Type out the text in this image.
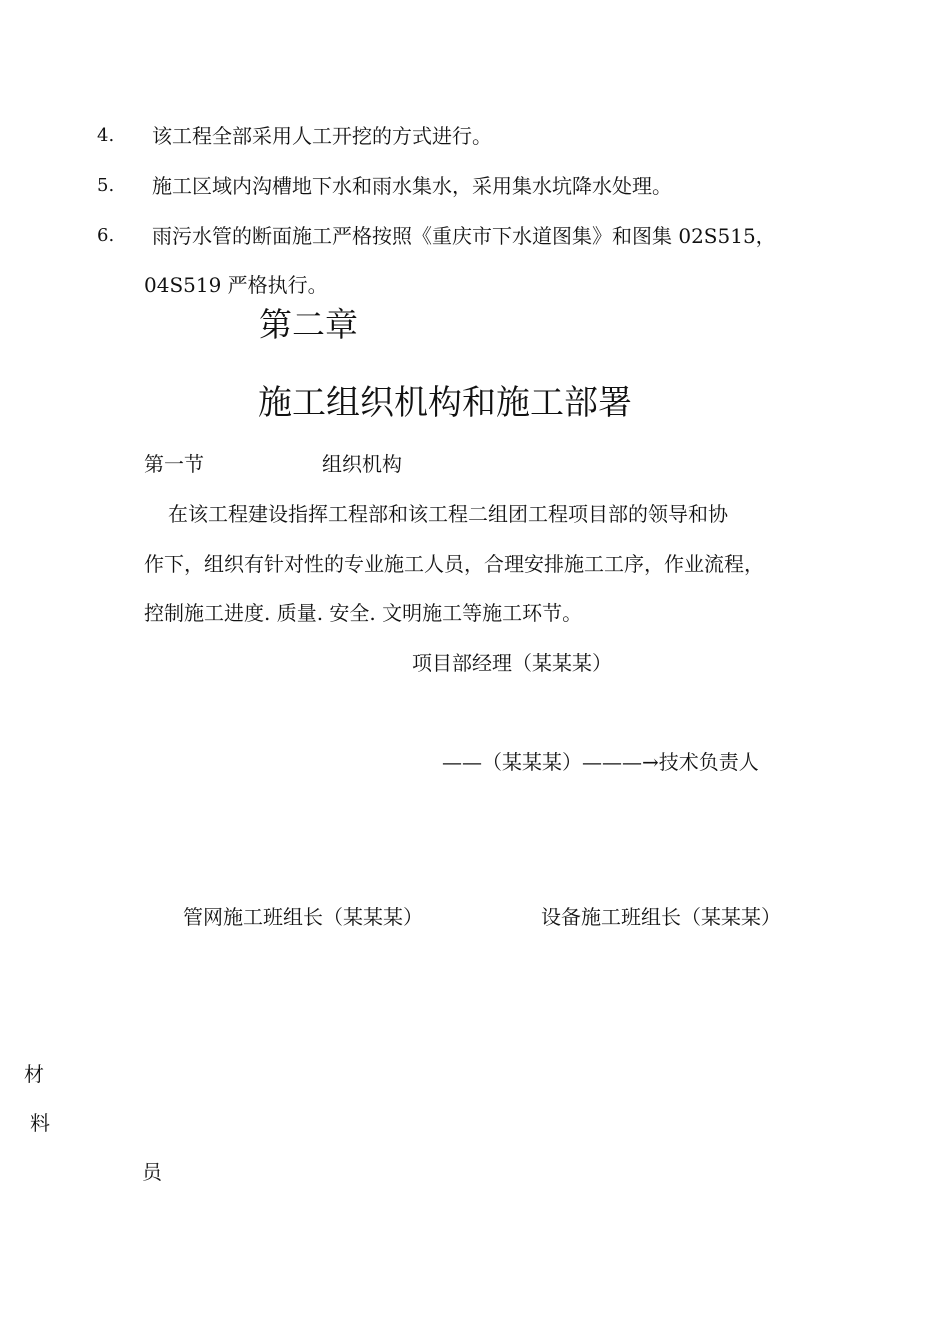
4. 该工程全部采用人工开挖的方式进行。
5. 施工区域内沟槽地下水和雨水集水，采用集水坑降水处理。
6. 雨污水管的断面施工严格按照《重庆市下水道图集》和图集 02S515，
04S519 严格执行。
第二章
施工组织机构和施工部署
第一节	组织机构
在该工程建设指挥工程部和该工程二组团工程项目部的领导和协
作下，组织有针对性的专业施工人员，合理安排施工工序，作业流程，
控制施工进度. 质量. 安全. 文明施工等施工环节。
项目部经理（某某某）
——（某某某）———→技术负责人
管网施工班组长（某某某）	设备施工班组长（某某某）
材
料
员
